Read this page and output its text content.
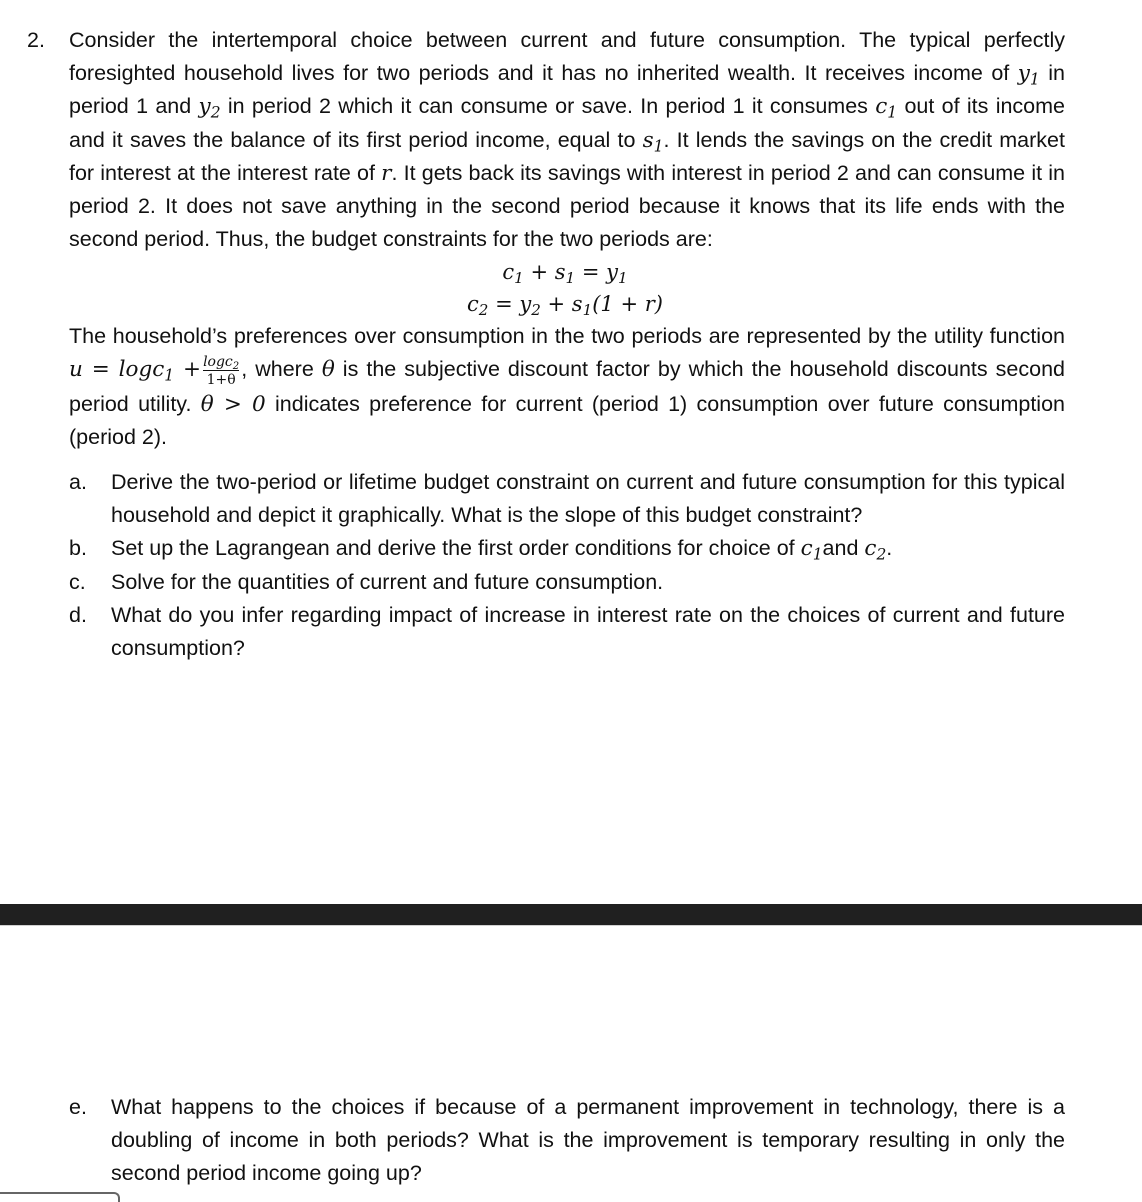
2. Consider the intertemporal choice between current and future consumption. The typical perfectly foresighted household lives for two periods and it has no inherited wealth. It receives income of $y_1$ in period 1 and $y_2$ in period 2 which it can consume or save. In period 1 it consumes $c_1$ out of its income and it saves the balance of its first period income, equal to $s_1$. It lends the savings on the credit market for interest at the interest rate of r. It gets back its savings with interest in period 2 and can consume it in period 2. It does not save anything in the second period because it knows that its life ends with the second period. Thus, the budget constraints for the two periods are:
$c_1 + s_1 = y_1$
$c_2 = y_2 + s_1(1 + r)$
The household’s preferences over consumption in the two periods are represented by the utility function $u = \log c_1 + \frac{\log c_2}{1+\theta}$ , where θ is the subjective discount factor by which the household discounts second period utility. θ > 0 indicates preference for current (period 1) consumption over future consumption (period 2).
a. Derive the two-period or lifetime budget constraint on current and future consumption for this typical household and depict it graphically. What is the slope of this budget constraint?
b. Set up the Lagrangean and derive the first order conditions for choice of $c_1and$ $c_2$.
c. Solve for the quantities of current and future consumption.
d. What do you infer regarding impact of increase in interest rate on the choices of current and future consumption?
e. What happens to the choices if because of a permanent improvement in technology, there is a doubling of income in both periods? What is the improvement is temporary resulting in only the second period income going up?
